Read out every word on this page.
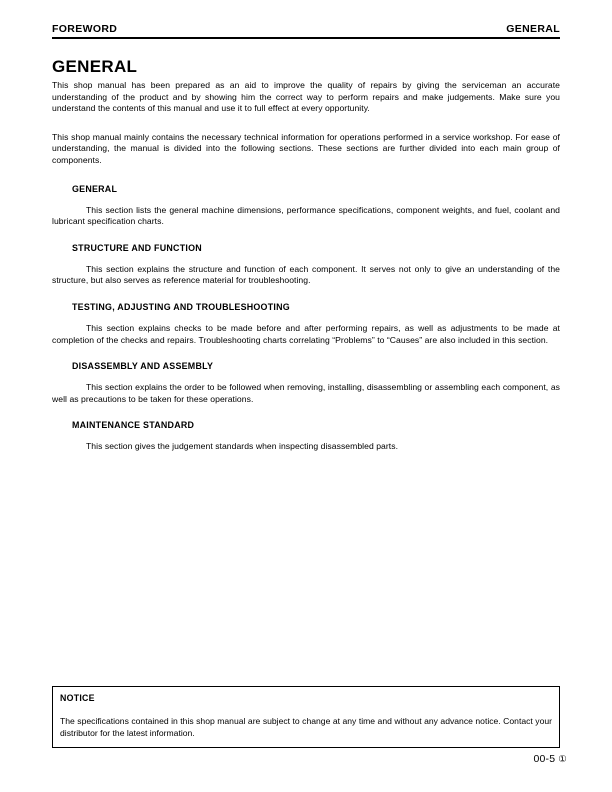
FOREWORD	GENERAL
GENERAL

This shop manual has been prepared as an aid to improve the quality of repairs by giving the serviceman an accurate understanding of the product and by showing him the correct way to perform repairs and make judgements. Make sure you understand the contents of this manual and use it to full effect at every opportunity.

This shop manual mainly contains the necessary technical information for operations performed in a service workshop. For ease of understanding, the manual is divided into the following sections. These sections are further divided into each main group of components.

GENERAL

This section lists the general machine dimensions, performance specifications, component weights, and fuel, coolant and lubricant specification charts.

STRUCTURE AND FUNCTION

This section explains the structure and function of each component. It serves not only to give an understanding of the structure, but also serves as reference material for troubleshooting.

TESTING, ADJUSTING AND TROUBLESHOOTING

This section explains checks to be made before and after performing repairs, as well as adjustments to be made at completion of the checks and repairs. Troubleshooting charts correlating “Problems” to “Causes” are also included in this section.

DISASSEMBLY AND ASSEMBLY

This section explains the order to be followed when removing, installing, disassembling or assembling each component, as well as precautions to be taken for these operations.

MAINTENANCE STANDARD

This section gives the judgement standards when inspecting disassembled parts.

NOTICE

The specifications contained in this shop manual are subject to change at any time and without any advance notice. Contact your distributor for the latest information.

00-5 ①
